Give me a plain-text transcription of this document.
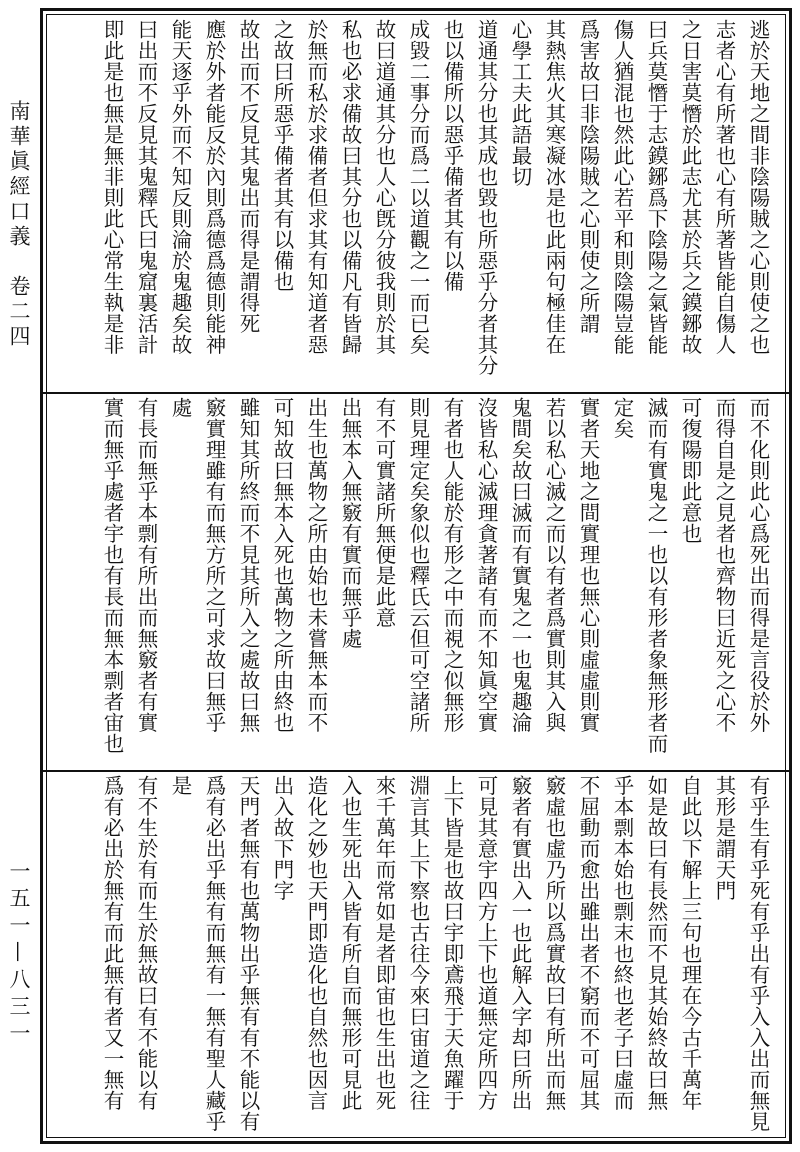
南華眞經口義　卷二四
一五一—八三一
逃於天地之間非陰陽賊之心則使之也
志者心有所著也心有所著皆能自傷人
之日害莫憯於此志尤甚於兵之鏌鋣故
曰兵莫憯于志鏌鋣爲下陰陽之氣皆能
傷人猶混也然此心若平和則陰陽豈能
爲害故曰非陰陽賊之心則使之所謂
其熱焦火其寒凝冰是也此兩句極佳在
心學工夫此語最切
道通其分也其成也毀也所惡乎分者其分
也以備所以惡乎備者其有以備
成毀二事分而爲二以道觀之一而已矣
故曰道通其分也人心旣分彼我則於其
私也必求備故曰其分也以備凡有皆歸
於無而私於求備者但求其有知道者惡
之故曰所惡乎備者其有以備也
故出而不反見其鬼出而得是謂得死
應於外者能反於內則爲德爲德則能神
能天逐乎外而不知反則淪於鬼趣矣故
曰出而不反見其鬼釋氏曰鬼窟裏活計
即此是也無是無非則此心常生執是非
而不化則此心爲死出而得是言役於外
而得自是之見者也齊物曰近死之心不
可復陽即此意也
滅而有實鬼之一也以有形者象無形者而
定矣
實者天地之間實理也無心則虛虛則實
若以私心滅之而以有者爲實則其入與
鬼間矣故曰滅而有實鬼之一也鬼趣淪
沒皆私心滅理貪著諸有而不知眞空實
有者也人能於有形之中而視之似無形
則見理定矣象似也釋氏云但可空諸所
有不可實諸所無便是此意
出無本入無竅有實而無乎處
出生也萬物之所由始也未嘗無本而不
可知故曰無本入死也萬物之所由終也
雖知其所終而不見其所入之處故曰無
竅實理雖有而無方所之可求故曰無乎
處
有長而無乎本剽有所出而無竅者有實
實而無乎處者宇也有長而無本剽者宙也
有乎生有乎死有乎出有乎入入出而無見
其形是謂天門
自此以下解上三句也理在今古千萬年
如是故曰有長然而不見其始終故曰無
乎本剽本始也剽末也終也老子曰虛而
不屈動而愈出雖出者不窮而不可屈其
竅虛也虛乃所以爲實故曰有所出而無
竅者有實出入一也此解入字却曰所出
可見其意宇四方上下也道無定所四方
上下皆是也故曰宇即鳶飛于天魚躍于
淵言其上下察也古往今來曰宙道之往
來千萬年而常如是者即宙也生出也死
入也生死出入皆有所自而無形可見此
造化之妙也天門即造化也自然也因言
出入故下門字
天門者無有也萬物出乎無有有不能以有
爲有必出乎無有而無有一無有聖人藏乎
是
有不生於有而生於無故曰有不能以有
爲有必出於無有而此無有者又一無有
